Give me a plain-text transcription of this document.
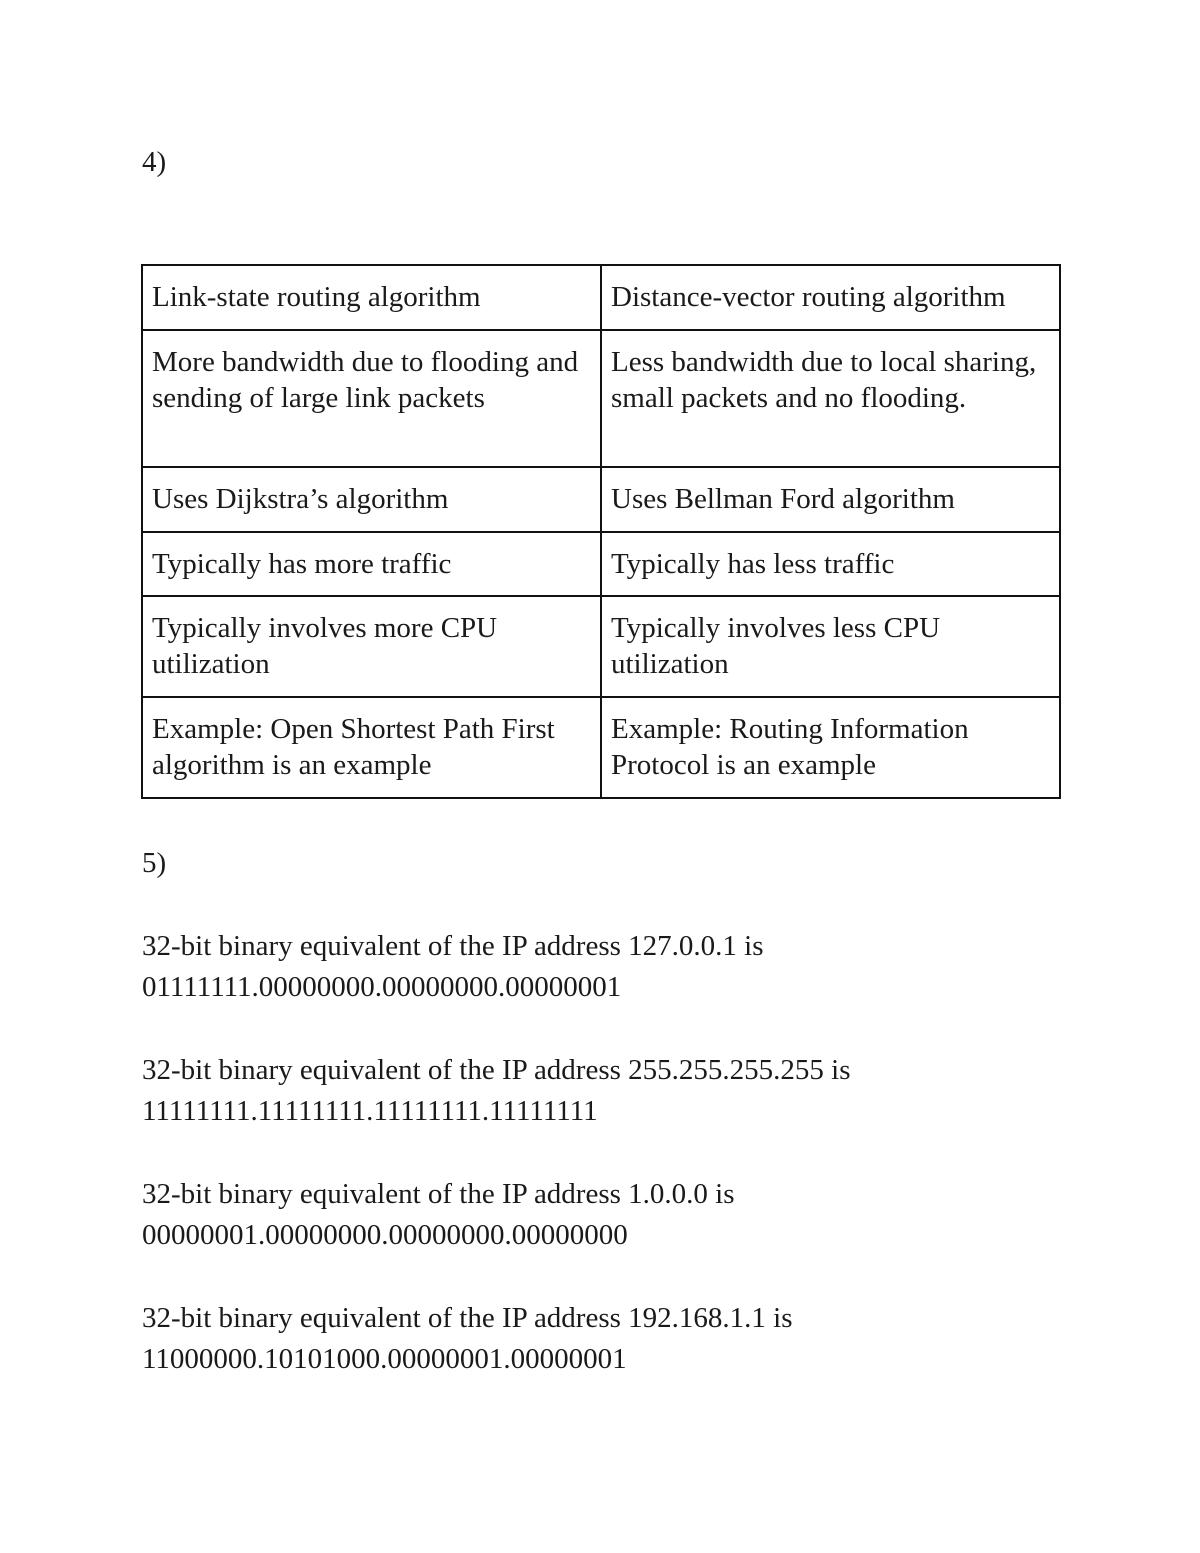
4)
Link-state routing algorithm	Distance-vector routing algorithm
More bandwidth due to flooding and sending of large link packets	Less bandwidth due to local sharing, small packets and no flooding.
Uses Dijkstra’s algorithm	Uses Bellman Ford algorithm
Typically has more traffic	Typically has less traffic
Typically involves more CPU utilization	Typically involves less CPU utilization
Example: Open Shortest Path First algorithm is an example	Example: Routing Information Protocol is an example
5)
32-bit binary equivalent of the IP address 127.0.0.1 is
01111111.00000000.00000000.00000001
32-bit binary equivalent of the IP address 255.255.255.255 is
11111111.11111111.11111111.11111111
32-bit binary equivalent of the IP address 1.0.0.0 is
00000001.00000000.00000000.00000000
32-bit binary equivalent of the IP address 192.168.1.1 is
11000000.10101000.00000001.00000001
